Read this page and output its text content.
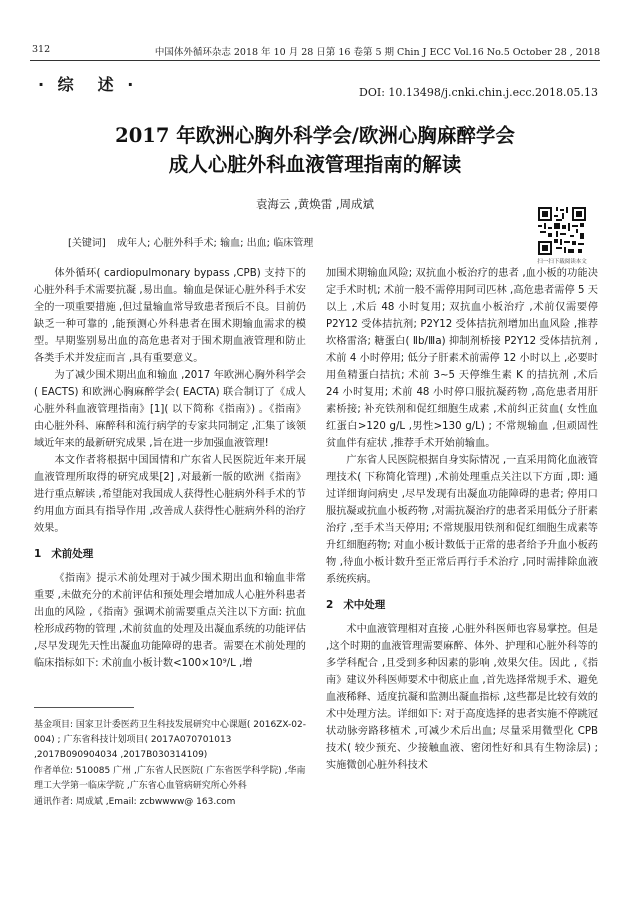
312	中国体外循环杂志 2018 年 10 月 28 日第 16 卷第 5 期 Chin J ECC Vol.16 No.5 October 28 , 2018
· 综　述 ·	DOI: 10.13498/j.cnki.chin.j.ecc.2018.05.13
2017 年欧洲心胸外科学会/欧洲心胸麻醉学会
成人心脏外科血液管理指南的解读
袁海云 ,黄焕雷 ,周成斌
[关键词] 成年人; 心脏外科手术; 输血; 出血; 临床管理
扫一扫下载阅读本文

体外循环( cardiopulmonary bypass ,CPB) 支持下的心脏外科手术需要抗凝 ,易出血。输血是保证心脏外科手术安全的一项重要措施 ,但过量输血常导致患者预后不良。目前仍缺乏一种可靠的 ,能预测心外科患者在围术期输血需求的模型。早期鉴别易出血的高危患者对于围术期血液管理和防止各类手术并发症而言 ,具有重要意义。

为了减少围术期出血和输血 ,2017 年欧洲心胸外科学会( EACTS) 和欧洲心胸麻醉学会( EACTA) 联合制订了《成人心脏外科血液管理指南》[1]( 以下简称《指南》) 。《指南》由心脏外科、麻醉科和流行病学的专家共同制定 ,汇集了该领域近年来的最新研究成果 ,旨在进一步加强血液管理!

本文作者将根据中国国情和广东省人民医院近年来开展血液管理所取得的研究成果[2] ,对最新一版的欧洲《指南》进行重点解读 ,希望能对我国成人获得性心脏病外科手术的节约用血方面具有指导作用 ,改善成人获得性心脏病外科的治疗效果。

1 术前处理

《指南》提示术前处理对于减少围术期出血和输血非常重要 ,未做充分的术前评估和预处理会增加成人心脏外科患者出血的风险 ,《指南》强调术前需要重点关注以下方面: 抗血栓形成药物的管理 ,术前贫血的处理及出凝血系统的功能评估 ,尽早发现先天性出凝血功能障碍的患者。需要在术前处理的临床指标如下: 术前血小板计数<100×10⁹/L ,增

加围术期输血风险; 双抗血小板治疗的患者 ,血小板的功能决定手术时机; 术前一般不需停用阿司匹林 ,高危患者需停 5 天以上 ,术后 48 小时复用; 双抗血小板治疗 ,术前仅需要停 P2Y12 受体拮抗剂; P2Y12 受体拮抗剂增加出血风险 ,推荐坎格雷洛; 糖蛋白( Ⅱb/Ⅲa) 抑制剂桥接 P2Y12 受体拮抗剂 ,术前 4 小时停用; 低分子肝素术前需停 12 小时以上 ,必要时用鱼精蛋白拮抗; 术前 3~5 天停维生素 K 的拮抗剂 ,术后 24 小时复用; 术前 48 小时停口服抗凝药物 ,高危患者用肝素桥接; 补充铁剂和促红细胞生成素 ,术前纠正贫血( 女性血红蛋白>120 g/L ,男性>130 g/L) ; 不常规输血 ,但顽固性贫血伴有症状 ,推荐手术开始前输血。

广东省人民医院根据自身实际情况 ,一直采用简化血液管理技术( 下称简化管理) ,术前处理重点关注以下方面 ,即: 通过详细询问病史 ,尽早发现有出凝血功能障碍的患者; 停用口服抗凝或抗血小板药物 ,对需抗凝治疗的患者采用低分子肝素治疗 ,至手术当天停用; 不常规服用铁剂和促红细胞生成素等升红细胞药物; 对血小板计数低于正常的患者给予升血小板药物 ,待血小板计数升至正常后再行手术治疗 ,同时需排除血液系统疾病。

2 术中处理

术中血液管理相对直接 ,心脏外科医师也容易掌控。但是 ,这个时期的血液管理需要麻醉、体外、护理和心脏外科等的多学科配合 ,且受到多种因素的影响 ,效果欠佳。因此 ,《指南》建议外科医师要术中彻底止血 ,首先选择常规手术、避免血液稀释、适度抗凝和监测出凝血指标 ,这些都是比较有效的术中处理方法。详细如下: 对于高度选择的患者实施不停跳冠状动脉旁路移植术 ,可减少术后出血; 尽量采用微型化 CPB 技术( 较少预充、少接触血液、密闭性好和具有生物涂层) ; 实施微创心脏外科技术

基金项目: 国家卫计委医药卫生科技发展研究中心课题( 2016ZX-02-004) ; 广东省科技计划项目( 2017A070701013 ,2017B090904034 ,2017B030314109)

作者单位: 510085 广州 ,广东省人民医院( 广东省医学科学院) ,华南理工大学第一临床学院 ,广东省心血管病研究所心外科

通讯作者: 周成斌 ,Email: zcbwwww@ 163.com
